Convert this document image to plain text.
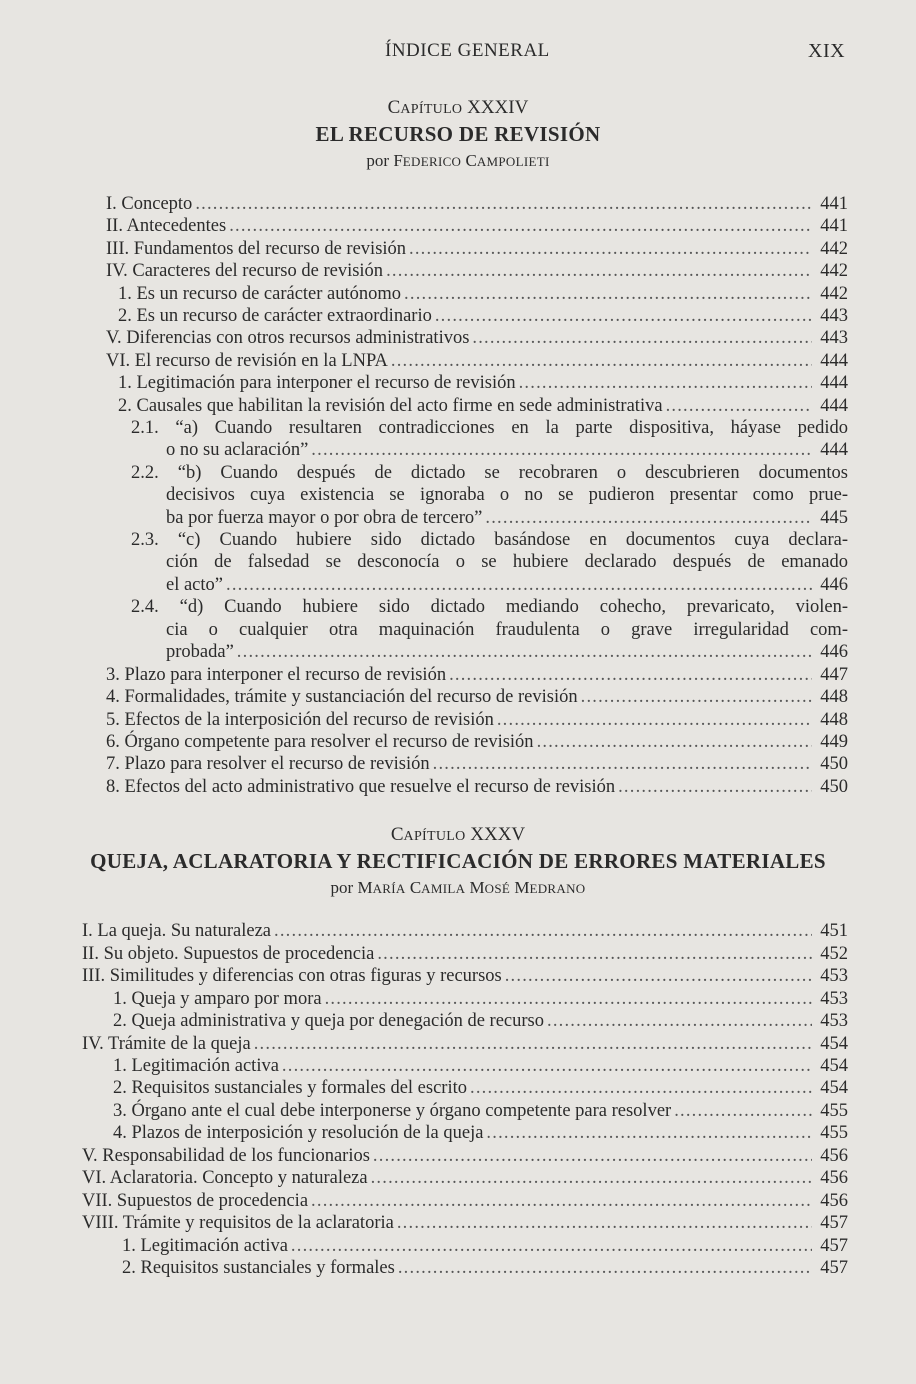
ÍNDICE GENERAL	XIX
CAPÍTULO XXXIV
EL RECURSO DE REVISIÓN
por FEDERICO CAMPOLIETI
I. Concepto .....	441
II. Antecedentes .....	441
III. Fundamentos del recurso de revisión .....	442
IV. Caracteres del recurso de revisión .....	442
1. Es un recurso de carácter autónomo .....	442
2. Es un recurso de carácter extraordinario .....	443
V. Diferencias con otros recursos administrativos .....	443
VI. El recurso de revisión en la LNPA .....	444
1. Legitimación para interponer el recurso de revisión .....	444
2. Causales que habilitan la revisión del acto firme en sede administrativa .....	444
2.1. “a) Cuando resultaren contradicciones en la parte dispositiva, háyase pedido
o no su aclaración” .....	444
2.2. “b) Cuando después de dictado se recobraren o descubrieren documentos
decisivos cuya existencia se ignoraba o no se pudieron presentar como prue-
ba por fuerza mayor o por obra de tercero” .....	445
2.3. “c) Cuando hubiere sido dictado basándose en documentos cuya declara-
ción de falsedad se desconocía o se hubiere declarado después de emanado
el acto” .....	446
2.4. “d) Cuando hubiere sido dictado mediando cohecho, prevaricato, violen-
cia o cualquier otra maquinación fraudulenta o grave irregularidad com-
probada” .....	446
3. Plazo para interponer el recurso de revisión .....	447
4. Formalidades, trámite y sustanciación del recurso de revisión .....	448
5. Efectos de la interposición del recurso de revisión .....	448
6. Órgano competente para resolver el recurso de revisión .....	449
7. Plazo para resolver el recurso de revisión .....	450
8. Efectos del acto administrativo que resuelve el recurso de revisión .....	450
CAPÍTULO XXXV
QUEJA, ACLARATORIA Y RECTIFICACIÓN DE ERRORES MATERIALES
por MARÍA CAMILA MOSÉ MEDRANO
I. La queja. Su naturaleza .....	451
II. Su objeto. Supuestos de procedencia .....	452
III. Similitudes y diferencias con otras figuras y recursos .....	453
1. Queja y amparo por mora .....	453
2. Queja administrativa y queja por denegación de recurso .....	453
IV. Trámite de la queja .....	454
1. Legitimación activa .....	454
2. Requisitos sustanciales y formales del escrito .....	454
3. Órgano ante el cual debe interponerse y órgano competente para resolver .....	455
4. Plazos de interposición y resolución de la queja .....	455
V. Responsabilidad de los funcionarios .....	456
VI. Aclaratoria. Concepto y naturaleza .....	456
VII. Supuestos de procedencia .....	456
VIII. Trámite y requisitos de la aclaratoria .....	457
1. Legitimación activa .....	457
2. Requisitos sustanciales y formales .....	457
